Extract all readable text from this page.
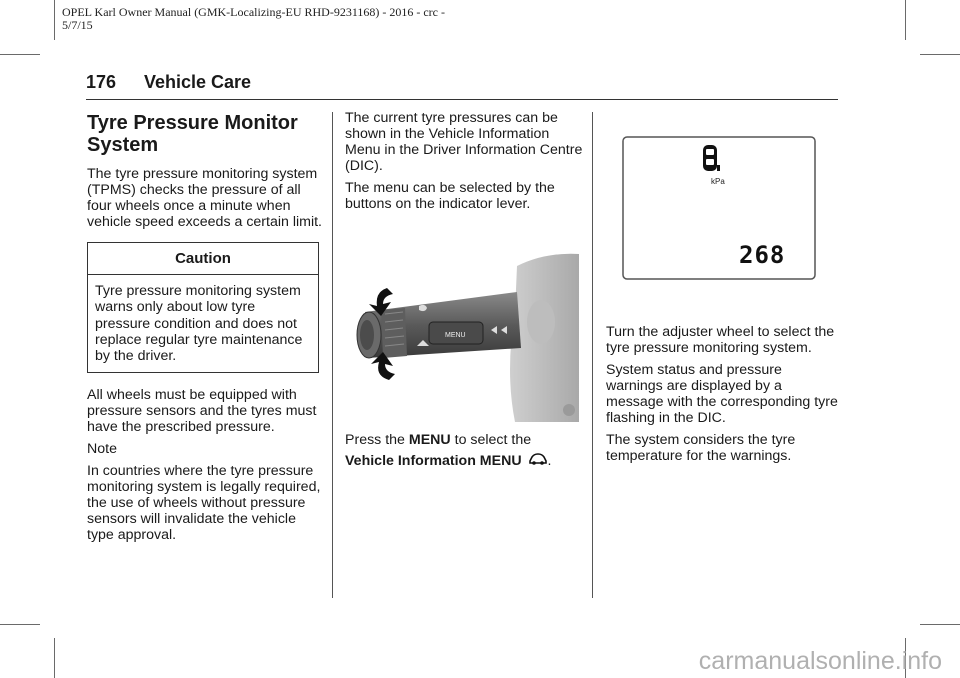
OPEL Karl Owner Manual (GMK-Localizing-EU RHD-9231168) - 2016 - crc -
5/7/15
176 Vehicle Care
Tyre Pressure Monitor
System

The tyre pressure monitoring system (TPMS) checks the pressure of all four wheels once a minute when vehicle speed exceeds a certain limit.

Caution
Tyre pressure monitoring system warns only about low tyre pressure condition and does not replace regular tyre maintenance by the driver.

All wheels must be equipped with pressure sensors and the tyres must have the prescribed pressure.

Note

In countries where the tyre pressure monitoring system is legally required, the use of wheels without pressure sensors will invalidate the vehicle type approval.

The current tyre pressures can be shown in the Vehicle Information Menu in the Driver Information Centre (DIC).

The menu can be selected by the buttons on the indicator lever.

MENU

Press the MENU to select the

Vehicle Information MENU .

kPa
268

Turn the adjuster wheel to select the tyre pressure monitoring system.

System status and pressure warnings are displayed by a message with the corresponding tyre flashing in the DIC.

The system considers the tyre temperature for the warnings.

carmanualsonline.info
